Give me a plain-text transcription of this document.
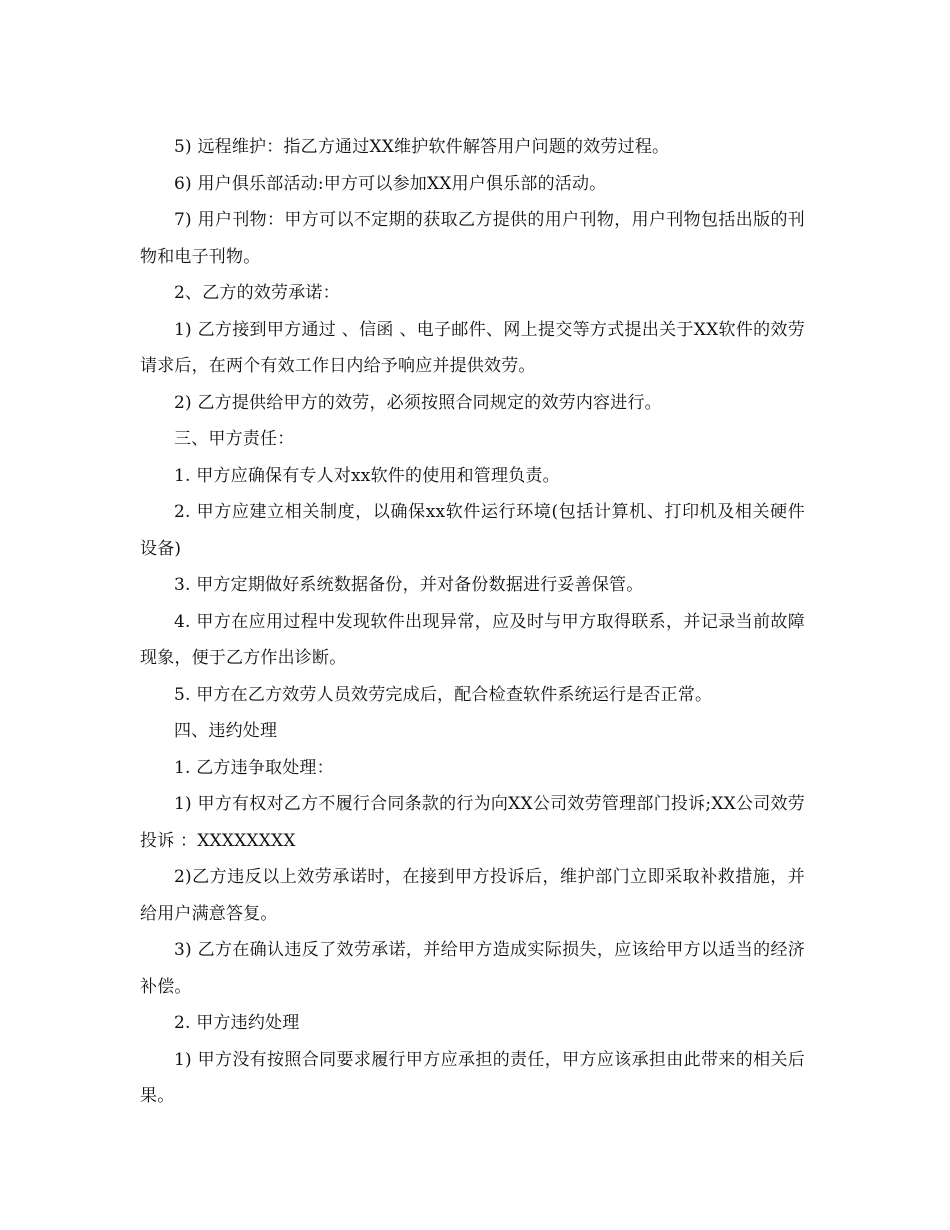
5) 远程维护：指乙方通过XX维护软件解答用户问题的效劳过程。

6) 用户俱乐部活动:甲方可以参加XX用户俱乐部的活动。

7) 用户刊物：甲方可以不定期的获取乙方提供的用户刊物，用户刊物包括出版的刊物和电子刊物。

2、乙方的效劳承诺：

1) 乙方接到甲方通过 、信函 、电子邮件、网上提交等方式提出关于XX软件的效劳请求后，在两个有效工作日内给予响应并提供效劳。

2) 乙方提供给甲方的效劳，必须按照合同规定的效劳内容进行。

三、甲方责任：

1. 甲方应确保有专人对xx软件的使用和管理负责。

2. 甲方应建立相关制度，以确保xx软件运行环境(包括计算机、打印机及相关硬件设备)

3. 甲方定期做好系统数据备份，并对备份数据进行妥善保管。

4. 甲方在应用过程中发现软件出现异常，应及时与甲方取得联系，并记录当前故障现象，便于乙方作出诊断。

5. 甲方在乙方效劳人员效劳完成后，配合检查软件系统运行是否正常。

四、违约处理

1. 乙方违争取处理：

1) 甲方有权对乙方不履行合同条款的行为向XX公司效劳管理部门投诉;XX公司效劳投诉 ：XXXXXXXX

2)乙方违反以上效劳承诺时，在接到甲方投诉后，维护部门立即采取补救措施，并给用户满意答复。

3) 乙方在确认违反了效劳承诺，并给甲方造成实际损失，应该给甲方以适当的经济补偿。

2. 甲方违约处理

1) 甲方没有按照合同要求履行甲方应承担的责任，甲方应该承担由此带来的相关后果。
